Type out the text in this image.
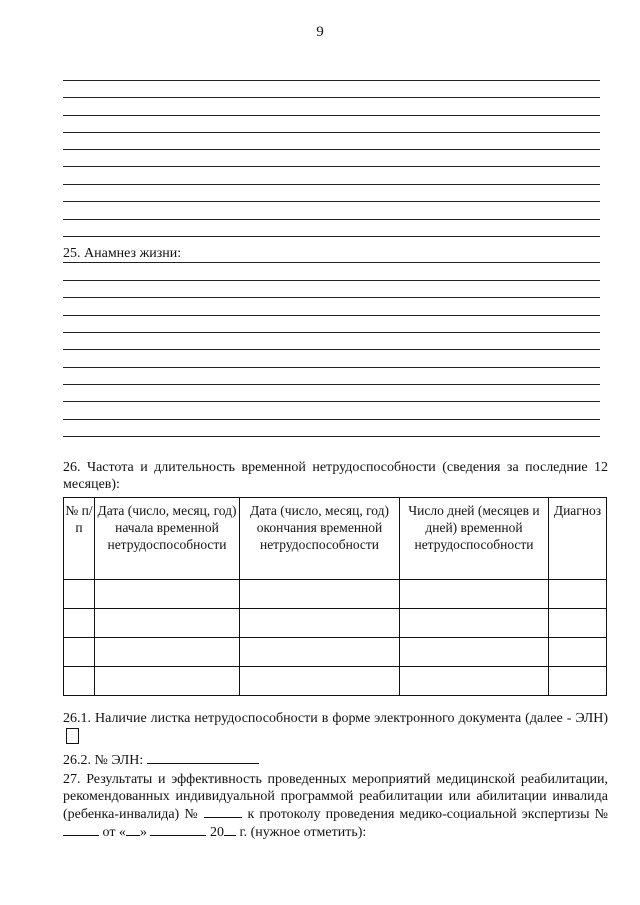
9
25. Анамнез жизни:
26. Частота и длительность временной нетрудоспособности (сведения за последние 12 месяцев):
№ п/п	Дата (число, месяц, год) начала временной нетрудоспособности	Дата (число, месяц, год) окончания временной нетрудоспособности	Число дней (месяцев и дней) временной нетрудоспособности	Диагноз

26.1. Наличие листка нетрудоспособности в форме электронного документа (далее - ЭЛН)
26.2. № ЭЛН:
27. Результаты и эффективность проведенных мероприятий медицинской реабилитации, рекомендованных индивидуальной программой реабилитации или абилитации инвалида (ребенка-инвалида) №	к протоколу проведения медико-социальной экспертизы №  от « »	20 г. (нужное отметить):
